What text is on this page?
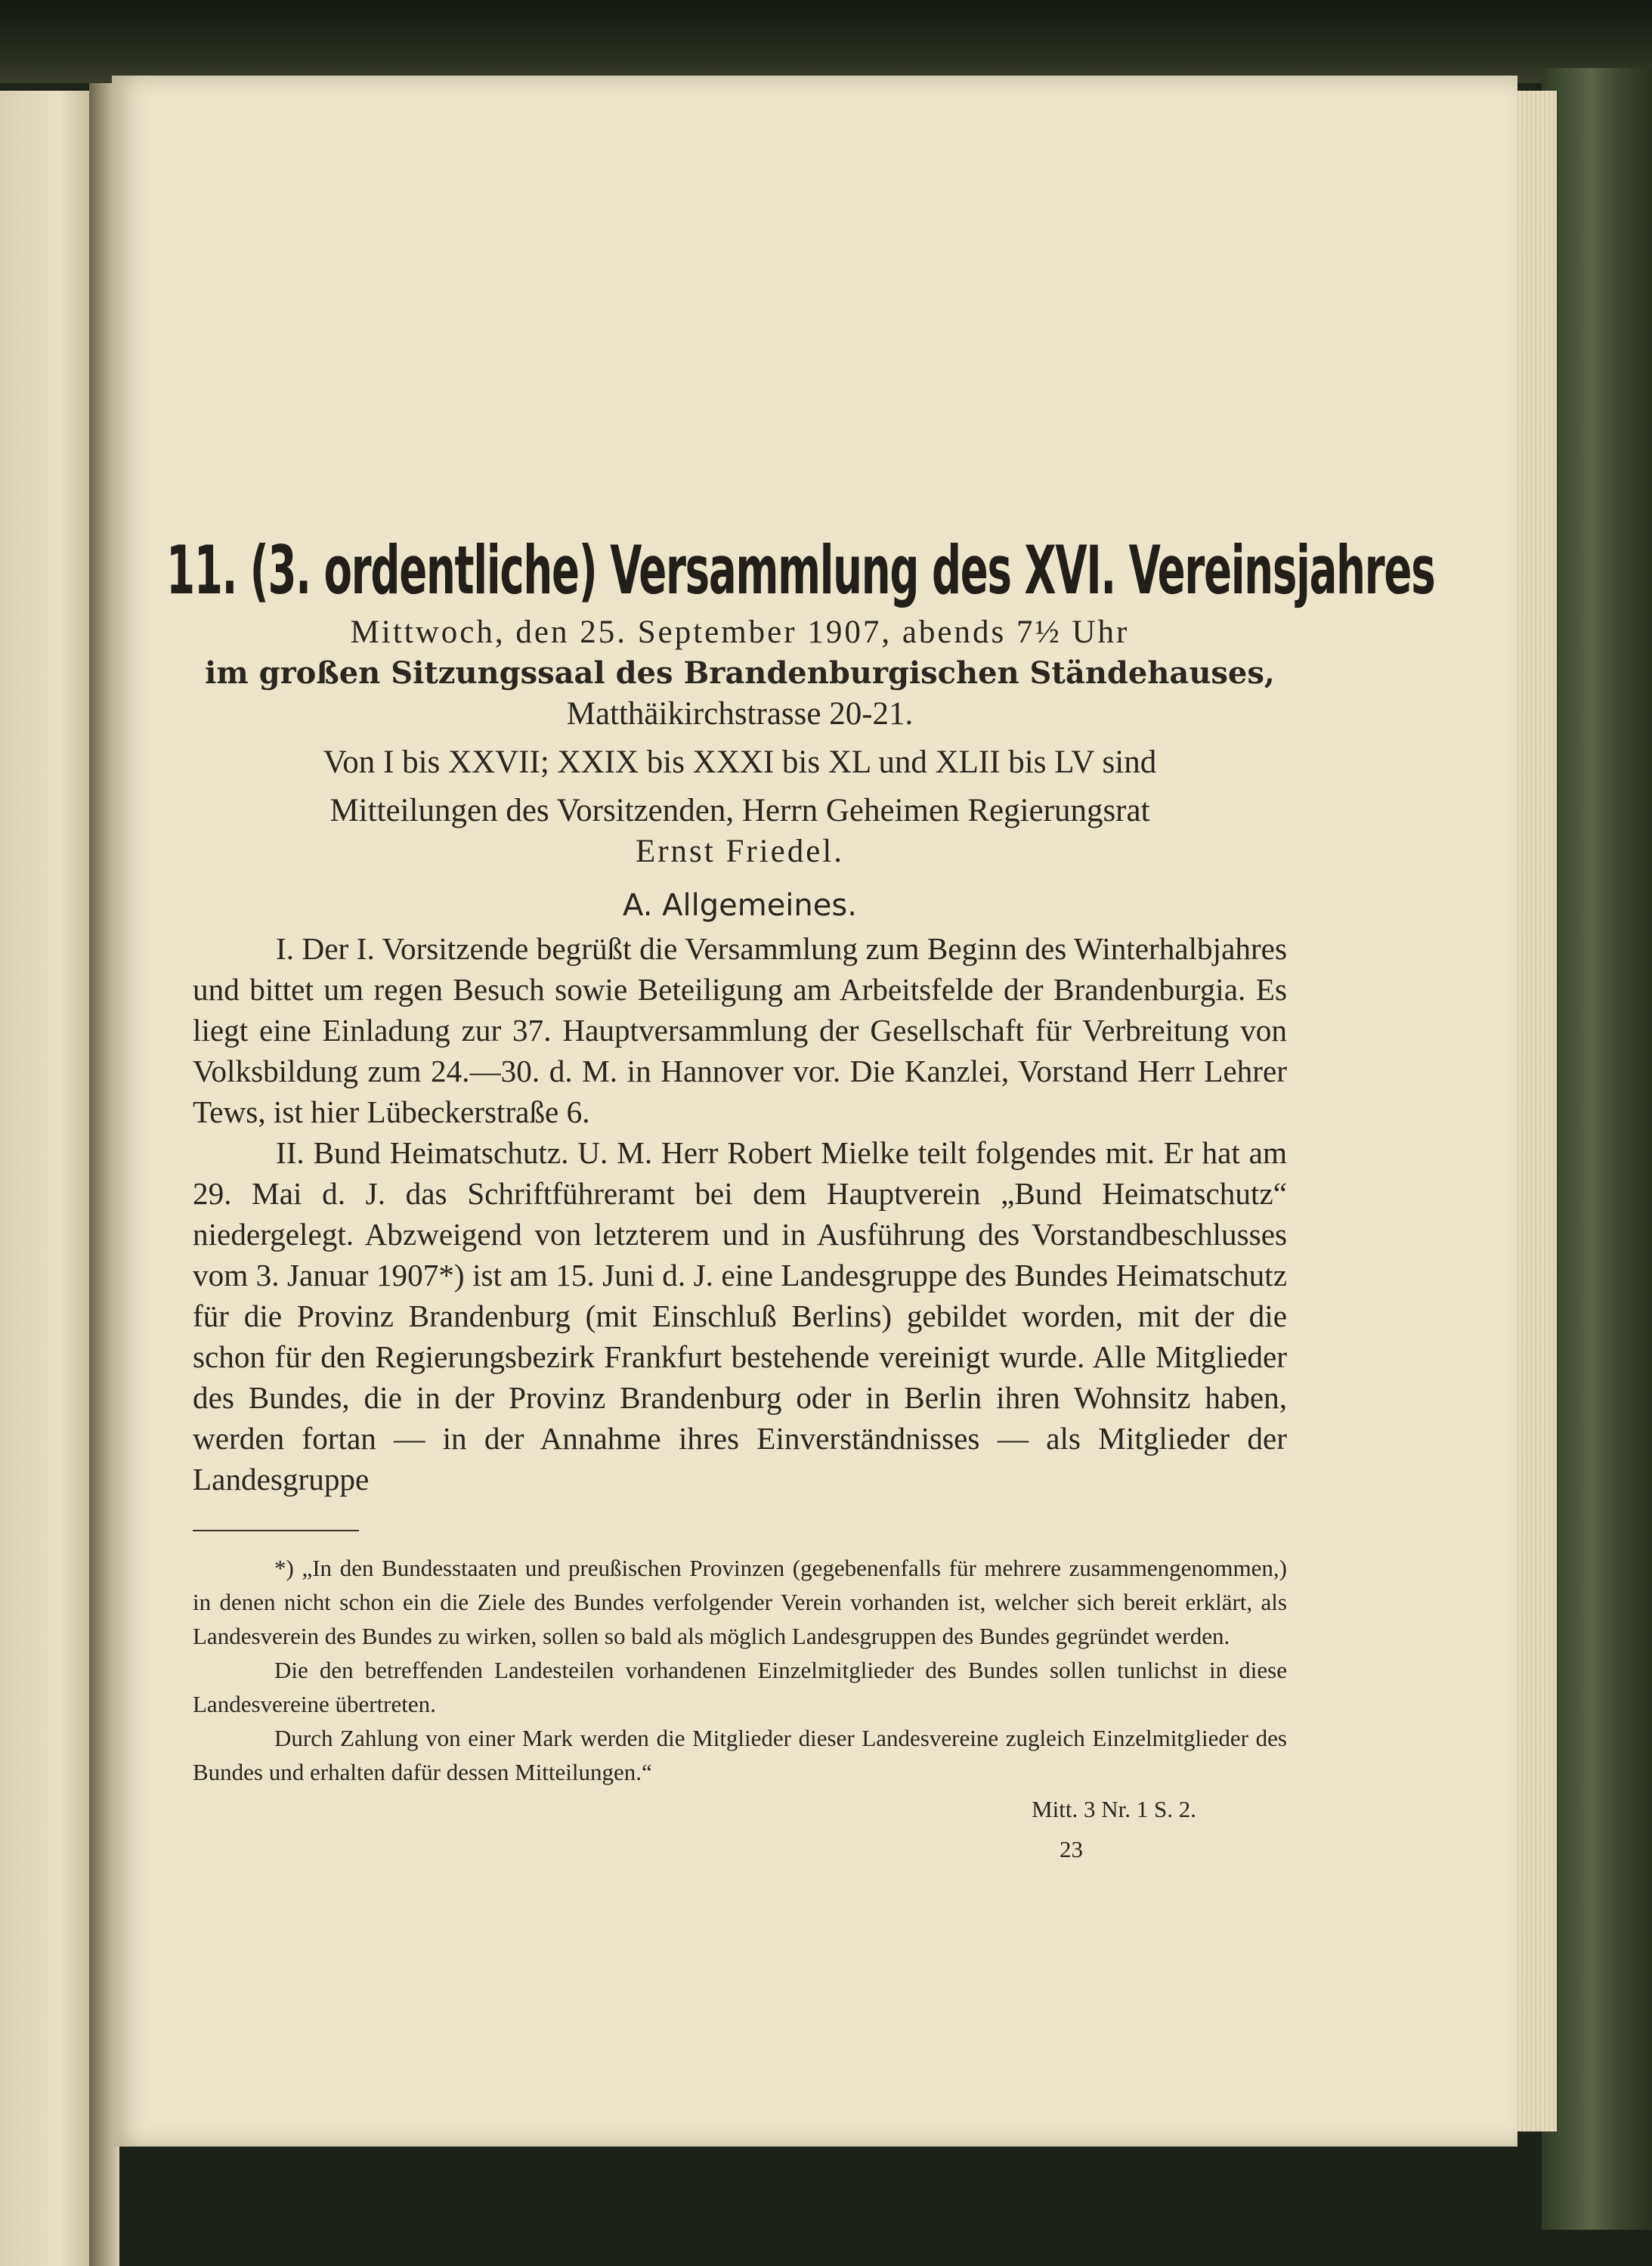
11. (3. ordentliche) Versammlung des XVI. Vereinsjahres
Mittwoch, den 25. September 1907, abends 7½ Uhr
im großen Sitzungssaal des Brandenburgischen Ständehauses,
Matthäikirchstrasse 20-21.
Von I bis XXVII; XXIX bis XXXI bis XL und XLII bis LV sind
Mitteilungen des Vorsitzenden, Herrn Geheimen Regierungsrat
Ernst Friedel.
A. Allgemeines.

I. Der I. Vorsitzende begrüßt die Versammlung zum Beginn des Winterhalbjahres und bittet um regen Besuch sowie Beteiligung am Arbeitsfelde der Brandenburgia. Es liegt eine Einladung zur 37. Hauptversammlung der Gesellschaft für Verbreitung von Volksbildung zum 24.—30. d. M. in Hannover vor. Die Kanzlei, Vorstand Herr Lehrer Tews, ist hier Lübeckerstraße 6.

II. Bund Heimatschutz. U. M. Herr Robert Mielke teilt folgendes mit. Er hat am 29. Mai d. J. das Schriftführeramt bei dem Hauptverein „Bund Heimatschutz“ niedergelegt. Abzweigend von letzterem und in Ausführung des Vorstandbeschlusses vom 3. Januar 1907*) ist am 15. Juni d. J. eine Landesgruppe des Bundes Heimatschutz für die Provinz Brandenburg (mit Einschluß Berlins) gebildet worden, mit der die schon für den Regierungsbezirk Frankfurt bestehende vereinigt wurde. Alle Mitglieder des Bundes, die in der Provinz Brandenburg oder in Berlin ihren Wohnsitz haben, werden fortan — in der Annahme ihres Einverständnisses — als Mitglieder der Landesgruppe

*) „In den Bundesstaaten und preußischen Provinzen (gegebenenfalls für mehrere zusammengenommen,) in denen nicht schon ein die Ziele des Bundes verfolgender Verein vorhanden ist, welcher sich bereit erklärt, als Landesverein des Bundes zu wirken, sollen so bald als möglich Landesgruppen des Bundes gegründet werden.

Die den betreffenden Landesteilen vorhandenen Einzelmitglieder des Bundes sollen tunlichst in diese Landesvereine übertreten.

Durch Zahlung von einer Mark werden die Mitglieder dieser Landesvereine zugleich Einzelmitglieder des Bundes und erhalten dafür dessen Mitteilungen.“

Mitt. 3 Nr. 1 S. 2.
23
